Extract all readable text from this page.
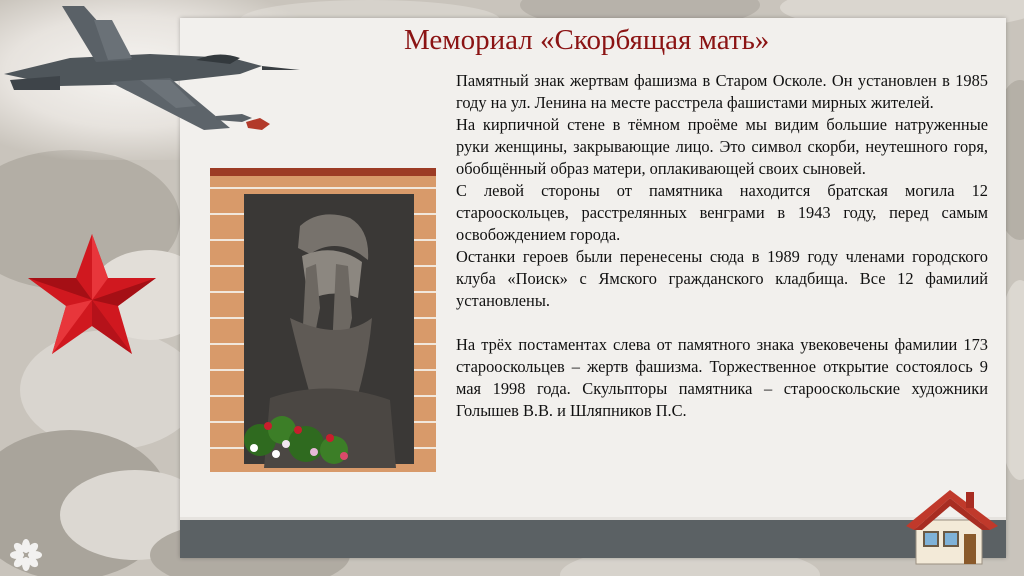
Мемориал «Скорбящая мать»

Памятный знак жертвам фашизма в Старом Осколе. Он установлен в 1985 году на ул. Ленина на месте расстрела фашистами мирных жителей.

На кирпичной стене в тёмном проёме мы видим большие натруженные руки женщины, закрывающие лицо. Это символ скорби, неутешного горя, обобщённый образ матери, оплакивающей своих сыновей.

С левой стороны от памятника находится братская могила 12 старооскольцев, расстрелянных венграми в 1943 году, перед самым освобождением города.

Останки героев были перенесены сюда в 1989 году членами городского клуба «Поиск» с Ямского гражданского кладбища. Все 12 фамилий установлены.

На трёх постаментах слева от памятного знака увековечены фамилии 173 старооскольцев – жертв фашизма. Торжественное открытие состоялось 9 мая 1998 года. Скульпторы памятника – старооскольские художники Голышев В.В. и Шляпников П.С.
